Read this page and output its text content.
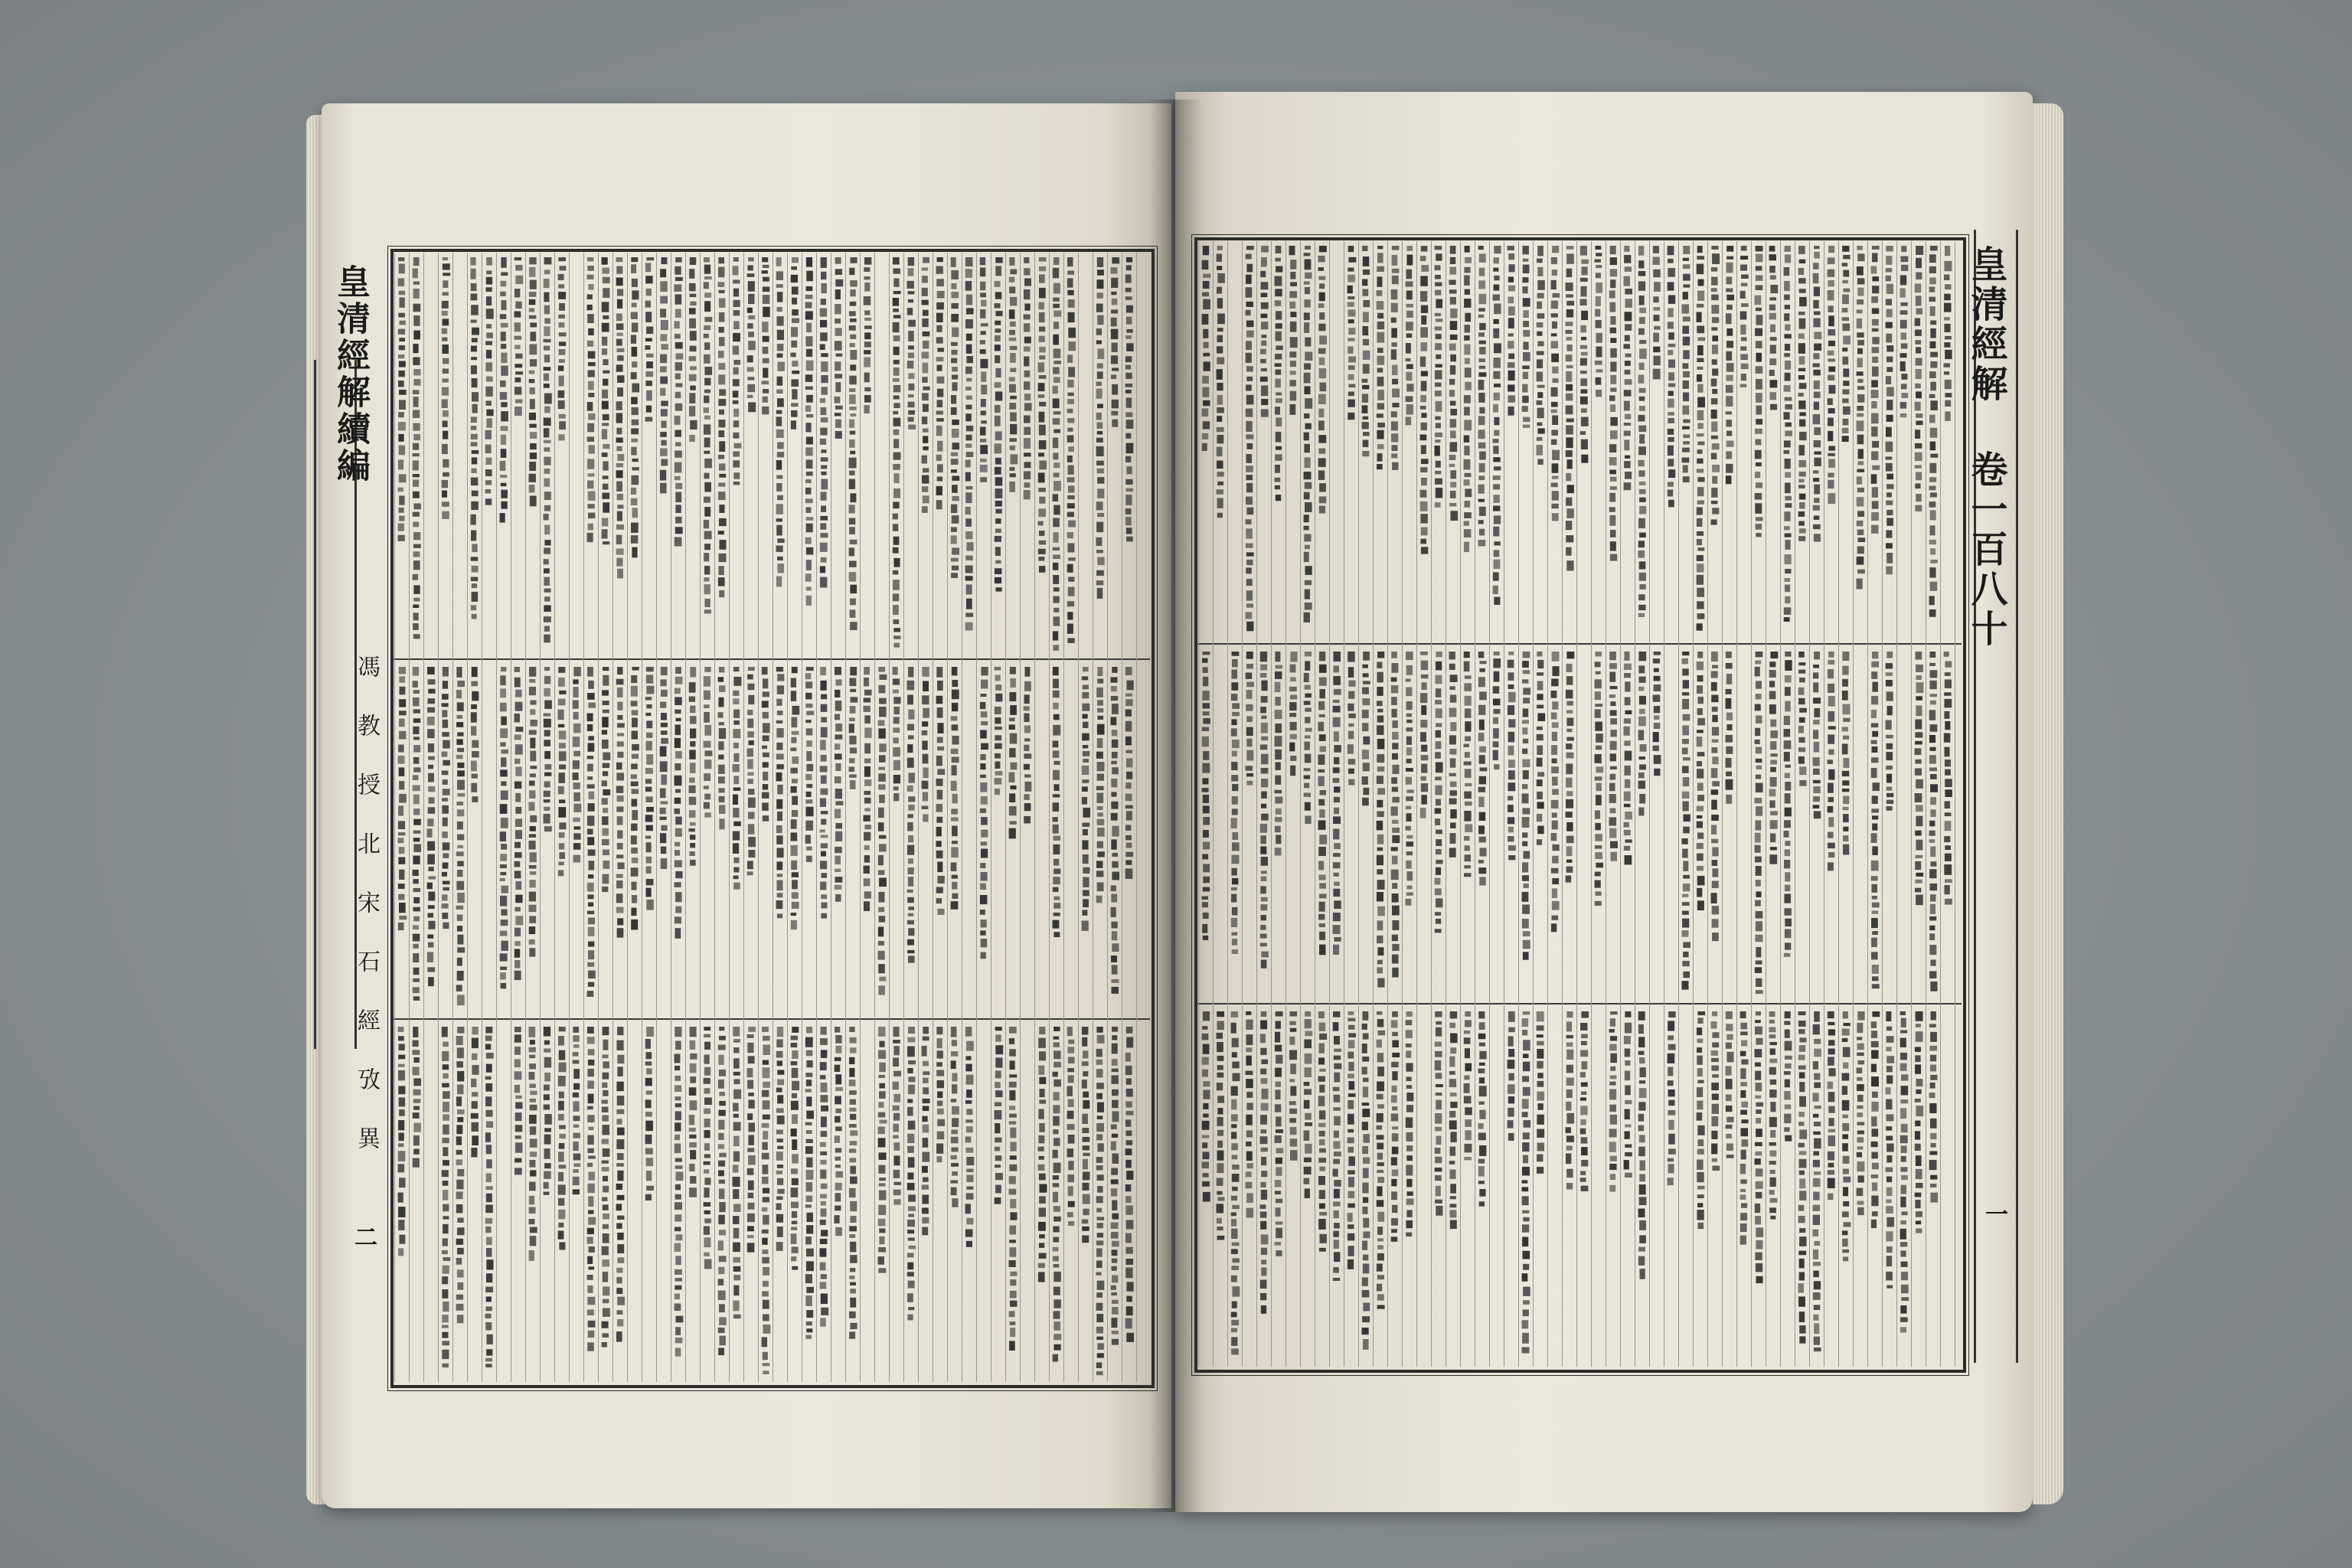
皇清經解續編
馮 教 授 北 宋 石 經 攷 異
二
皇清經解 卷一百八十
一
